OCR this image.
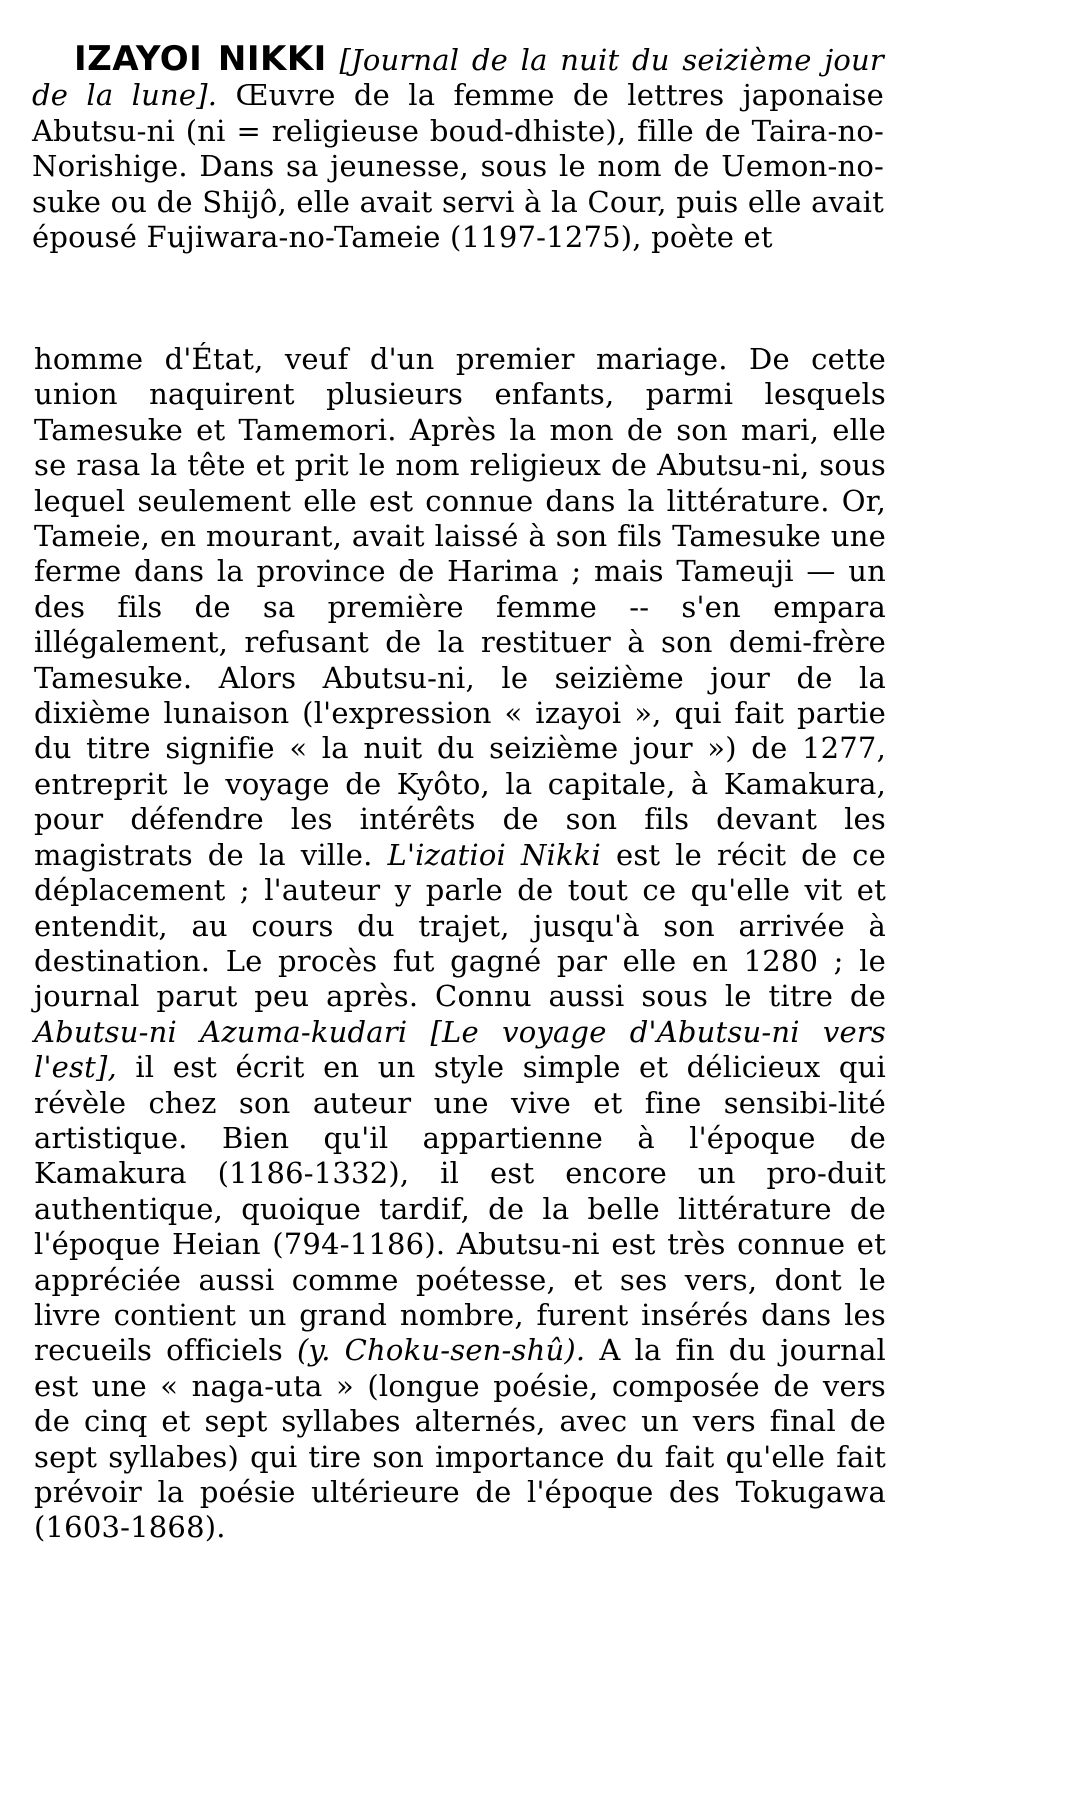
IZAYOI NIKKI [Journal de la nuit du seizième jour de la lune]. Œuvre de la femme de lettres japonaise Abutsu-ni (ni = religieuse boud-dhiste), fille de Taira-no-Norishige. Dans sa jeunesse, sous le nom de Uemon-no-suke ou de Shijô, elle avait servi à la Cour, puis elle avait épousé Fujiwara-no-Tameie (1197-1275), poète et
homme d'État, veuf d'un premier mariage. De cette union naquirent plusieurs enfants, parmi lesquels Tamesuke et Tamemori. Après la mon de son mari, elle se rasa la tête et prit le nom religieux de Abutsu-ni, sous lequel seulement elle est connue dans la littérature. Or, Tameie, en mourant, avait laissé à son fils Tamesuke une ferme dans la province de Harima ; mais Tameuji — un des fils de sa première femme -- s'en empara illégalement, refusant de la restituer à son demi-frère Tamesuke. Alors Abutsu-ni, le seizième jour de la dixième lunaison (l'expression « izayoi », qui fait partie du titre signifie « la nuit du seizième jour ») de 1277, entreprit le voyage de Kyôto, la capitale, à Kamakura, pour défendre les intérêts de son fils devant les magistrats de la ville. L'izatioi Nikki est le récit de ce déplacement ; l'auteur y parle de tout ce qu'elle vit et entendit, au cours du trajet, jusqu'à son arrivée à destination. Le procès fut gagné par elle en 1280 ; le journal parut peu après. Connu aussi sous le titre de Abutsu-ni Azuma-kudari [Le voyage d'Abutsu-ni vers l'est], il est écrit en un style simple et délicieux qui révèle chez son auteur une vive et fine sensibi-lité artistique. Bien qu'il appartienne à l'époque de Kamakura (1186-1332), il est encore un pro-duit authentique, quoique tardif, de la belle littérature de l'époque Heian (794-1186). Abutsu-ni est très connue et appréciée aussi comme poétesse, et ses vers, dont le livre contient un grand nombre, furent insérés dans les recueils officiels (y. Choku-sen-shû). A la fin du journal est une « naga-uta » (longue poésie, composée de vers de cinq et sept syllabes alternés, avec un vers final de sept syllabes) qui tire son importance du fait qu'elle fait prévoir la poésie ultérieure de l'époque des Tokugawa (1603-1868).
